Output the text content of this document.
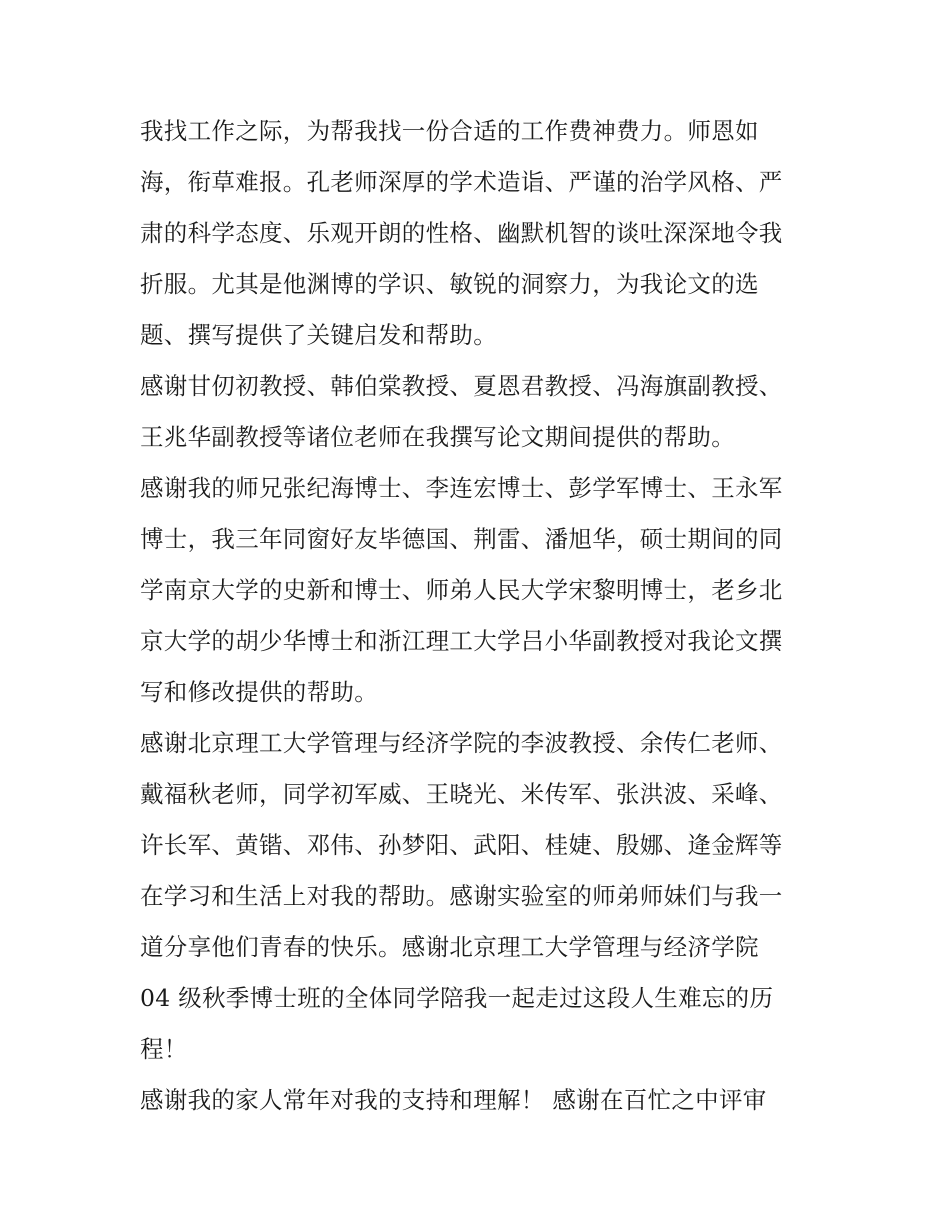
我找工作之际，为帮我找一份合适的工作费神费力。师恩如
海，衔草难报。孔老师深厚的学术造诣、严谨的治学风格、严
肃的科学态度、乐观开朗的性格、幽默机智的谈吐深深地令我
折服。尤其是他渊博的学识、敏锐的洞察力，为我论文的选
题、撰写提供了关键启发和帮助。
感谢甘仞初教授、韩伯棠教授、夏恩君教授、冯海旗副教授、
王兆华副教授等诸位老师在我撰写论文期间提供的帮助。
感谢我的师兄张纪海博士、李连宏博士、彭学军博士、王永军
博士，我三年同窗好友毕德国、荆雷、潘旭华，硕士期间的同
学南京大学的史新和博士、师弟人民大学宋黎明博士，老乡北
京大学的胡少华博士和浙江理工大学吕小华副教授对我论文撰
写和修改提供的帮助。
感谢北京理工大学管理与经济学院的李波教授、余传仁老师、
戴福秋老师，同学初军威、王晓光、米传军、张洪波、采峰、
许长军、黄锴、邓伟、孙梦阳、武阳、桂婕、殷娜、逄金辉等
在学习和生活上对我的帮助。感谢实验室的师弟师妹们与我一
道分享他们青春的快乐。感谢北京理工大学管理与经济学院
04 级秋季博士班的全体同学陪我一起走过这段人生难忘的历
程！
感谢我的家人常年对我的支持和理解！ 感谢在百忙之中评审
